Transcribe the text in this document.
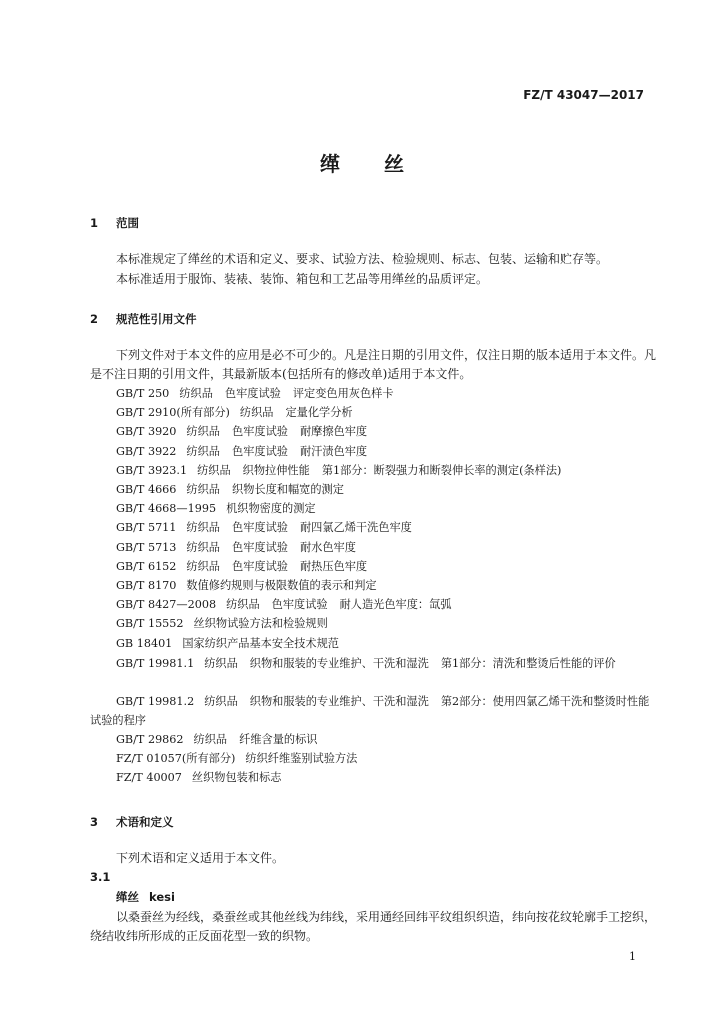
FZ/T 43047—2017
缂丝
1 范围
本标准规定了缂丝的术语和定义、要求、试验方法、检验规则、标志、包装、运输和贮存等。
本标准适用于服饰、装裱、装饰、箱包和工艺品等用缂丝的品质评定。
2 规范性引用文件
下列文件对于本文件的应用是必不可少的。凡是注日期的引用文件，仅注日期的版本适用于本文件。凡是不注日期的引用文件，其最新版本(包括所有的修改单)适用于本文件。
GB/T 250 纺织品 色牢度试验 评定变色用灰色样卡
GB/T 2910(所有部分) 纺织品 定量化学分析
GB/T 3920 纺织品 色牢度试验 耐摩擦色牢度
GB/T 3922 纺织品 色牢度试验 耐汗渍色牢度
GB/T 3923.1 纺织品 织物拉伸性能 第1部分：断裂强力和断裂伸长率的测定(条样法)
GB/T 4666 纺织品 织物长度和幅宽的测定
GB/T 4668—1995 机织物密度的测定
GB/T 5711 纺织品 色牢度试验 耐四氯乙烯干洗色牢度
GB/T 5713 纺织品 色牢度试验 耐水色牢度
GB/T 6152 纺织品 色牢度试验 耐热压色牢度
GB/T 8170 数值修约规则与极限数值的表示和判定
GB/T 8427—2008 纺织品 色牢度试验 耐人造光色牢度：氙弧
GB/T 15552 丝织物试验方法和检验规则
GB 18401 国家纺织产品基本安全技术规范
GB/T 19981.1 纺织品 织物和服装的专业维护、干洗和湿洗 第1部分：清洗和整烫后性能的评价
GB/T 19981.2 纺织品 织物和服装的专业维护、干洗和湿洗 第2部分：使用四氯乙烯干洗和整烫时性能试验的程序
GB/T 29862 纺织品 纤维含量的标识
FZ/T 01057(所有部分) 纺织纤维鉴别试验方法
FZ/T 40007 丝织物包装和标志
3 术语和定义
下列术语和定义适用于本文件。
3.1
缂丝 kesi
以桑蚕丝为经线，桑蚕丝或其他丝线为纬线，采用通经回纬平纹组织织造，纬向按花纹轮廓手工挖织，绕结收纬所形成的正反面花型一致的织物。
1
